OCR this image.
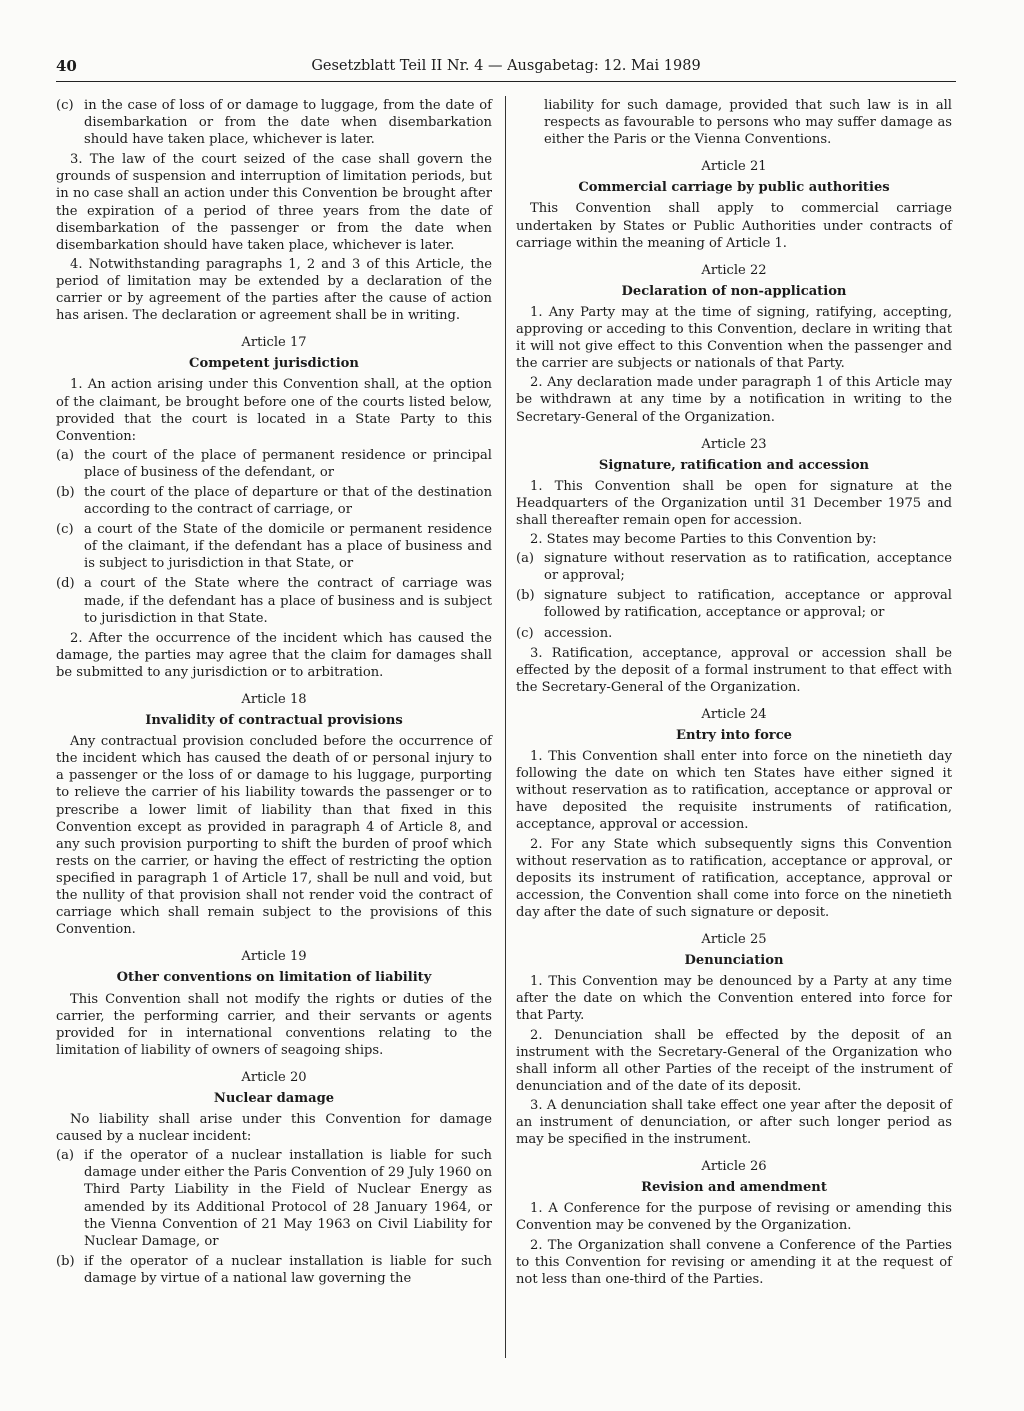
40	Gesetzblatt Teil II Nr. 4 — Ausgabetag: 12. Mai 1989
(c) in the case of loss of or damage to luggage, from the date of disembarkation or from the date when disembarkation should have taken place, whichever is later.

3. The law of the court seized of the case shall govern the grounds of suspension and interruption of limitation periods, but in no case shall an action under this Convention be brought after the expiration of a period of three years from the date of disembarkation of the passenger or from the date when disembarkation should have taken place, whichever is later.

4. Notwithstanding paragraphs 1, 2 and 3 of this Article, the period of limitation may be extended by a declaration of the carrier or by agreement of the parties after the cause of action has arisen. The declaration or agreement shall be in writing.

Article 17
Competent jurisdiction

1. An action arising under this Convention shall, at the option of the claimant, be brought before one of the courts listed below, provided that the court is located in a State Party to this Convention:

(a) the court of the place of permanent residence or principal place of business of the defendant, or
(b) the court of the place of departure or that of the destination according to the contract of carriage, or
(c) a court of the State of the domicile or permanent residence of the claimant, if the defendant has a place of business and is subject to jurisdiction in that State, or
(d) a court of the State where the contract of carriage was made, if the defendant has a place of business and is subject to jurisdiction in that State.

2. After the occurrence of the incident which has caused the damage, the parties may agree that the claim for damages shall be submitted to any jurisdiction or to arbitration.

Article 18
Invalidity of contractual provisions

Any contractual provision concluded before the occurrence of the incident which has caused the death of or personal injury to a passenger or the loss of or damage to his luggage, purporting to relieve the carrier of his liability towards the passenger or to prescribe a lower limit of liability than that fixed in this Convention except as provided in paragraph 4 of Article 8, and any such provision purporting to shift the burden of proof which rests on the carrier, or having the effect of restricting the option specified in paragraph 1 of Article 17, shall be null and void, but the nullity of that provision shall not render void the contract of carriage which shall remain subject to the provisions of this Convention.

Article 19
Other conventions on limitation of liability

This Convention shall not modify the rights or duties of the carrier, the performing carrier, and their servants or agents provided for in international conventions relating to the limitation of liability of owners of seagoing ships.

Article 20
Nuclear damage

No liability shall arise under this Convention for damage caused by a nuclear incident:

(a) if the operator of a nuclear installation is liable for such damage under either the Paris Convention of 29 July 1960 on Third Party Liability in the Field of Nuclear Energy as amended by its Additional Protocol of 28 January 1964, or the Vienna Convention of 21 May 1963 on Civil Liability for Nuclear Damage, or
(b) if the operator of a nuclear installation is liable for such damage by virtue of a national law governing the
liability for such damage, provided that such law is in all respects as favourable to persons who may suffer damage as either the Paris or the Vienna Conventions.
Article 21
Commercial carriage by public authorities

This Convention shall apply to commercial carriage undertaken by States or Public Authorities under contracts of carriage within the meaning of Article 1.

Article 22
Declaration of non-application

1. Any Party may at the time of signing, ratifying, accepting, approving or acceding to this Convention, declare in writing that it will not give effect to this Convention when the passenger and the carrier are subjects or nationals of that Party.

2. Any declaration made under paragraph 1 of this Article may be withdrawn at any time by a notification in writing to the Secretary-General of the Organization.

Article 23
Signature, ratification and accession

1. This Convention shall be open for signature at the Headquarters of the Organization until 31 December 1975 and shall thereafter remain open for accession.

2. States may become Parties to this Convention by:

(a) signature without reservation as to ratification, acceptance or approval;
(b) signature subject to ratification, acceptance or approval followed by ratification, acceptance or approval; or
(c) accession.

3. Ratification, acceptance, approval or accession shall be effected by the deposit of a formal instrument to that effect with the Secretary-General of the Organization.

Article 24
Entry into force

1. This Convention shall enter into force on the ninetieth day following the date on which ten States have either signed it without reservation as to ratification, acceptance or approval or have deposited the requisite instruments of ratification, acceptance, approval or accession.

2. For any State which subsequently signs this Convention without reservation as to ratification, acceptance or approval, or deposits its instrument of ratification, acceptance, approval or accession, the Convention shall come into force on the ninetieth day after the date of such signature or deposit.

Article 25
Denunciation

1. This Convention may be denounced by a Party at any time after the date on which the Convention entered into force for that Party.

2. Denunciation shall be effected by the deposit of an instrument with the Secretary-General of the Organization who shall inform all other Parties of the receipt of the instrument of denunciation and of the date of its deposit.

3. A denunciation shall take effect one year after the deposit of an instrument of denunciation, or after such longer period as may be specified in the instrument.

Article 26
Revision and amendment

1. A Conference for the purpose of revising or amending this Convention may be convened by the Organization.

2. The Organization shall convene a Conference of the Parties to this Convention for revising or amending it at the request of not less than one-third of the Parties.
